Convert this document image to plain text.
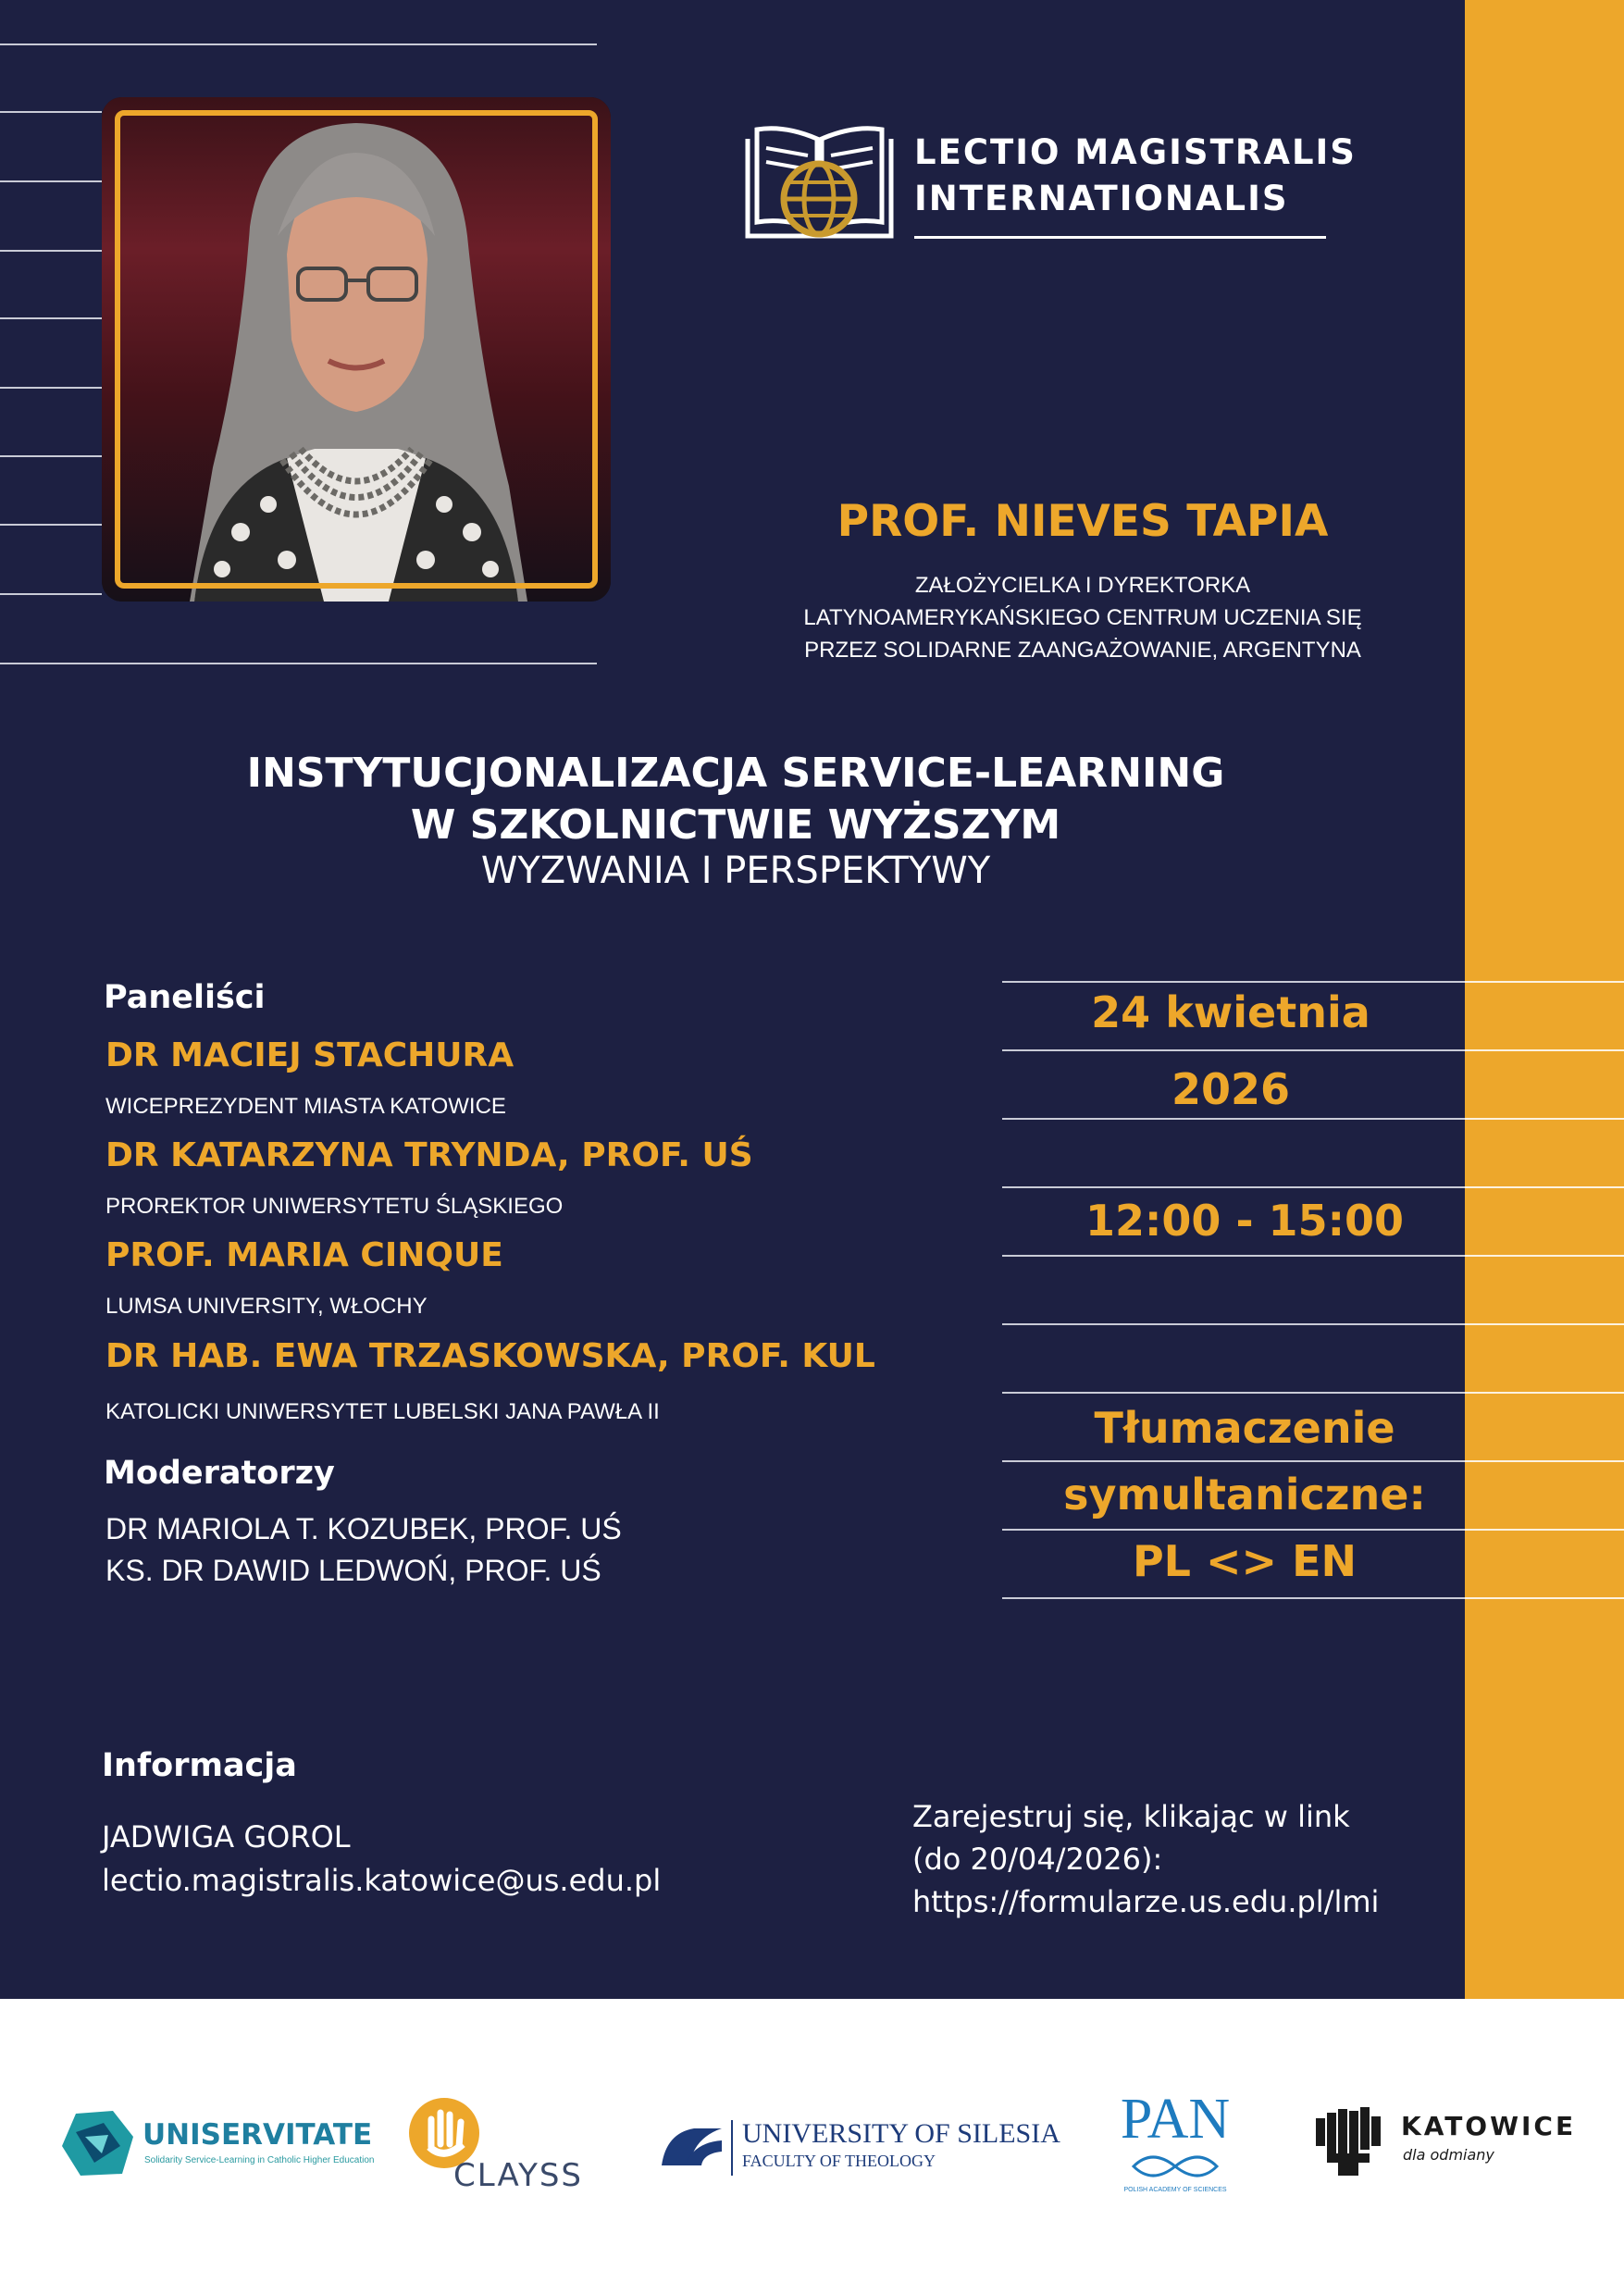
LECTIO MAGISTRALIS
INTERNATIONALIS
PROF. NIEVES TAPIA
ZAŁOŻYCIELKA I DYREKTORKA
LATYNOAMERYKAŃSKIEGO CENTRUM UCZENIA SIĘ
PRZEZ SOLIDARNE ZAANGAŻOWANIE, ARGENTYNA
INSTYTUCJONALIZACJA SERVICE-LEARNING
W SZKOLNICTWIE WYŻSZYM
WYZWANIA I PERSPEKTYWY
Paneliści
DR MACIEJ STACHURA
WICEPREZYDENT MIASTA KATOWICE
DR KATARZYNA TRYNDA, PROF. UŚ
PROREKTOR UNIWERSYTETU ŚLĄSKIEGO
PROF. MARIA CINQUE
LUMSA UNIVERSITY, WŁOCHY
DR HAB. EWA TRZASKOWSKA, PROF. KUL
KATOLICKI UNIWERSYTET LUBELSKI JANA PAWŁA II
Moderatorzy
DR MARIOLA T. KOZUBEK, PROF. UŚ
KS. DR DAWID LEDWOŃ, PROF. UŚ
24 kwietnia
2026
12:00 - 15:00
Tłumaczenie
symultaniczne:
PL <> EN
Informacja
JADWIGA GOROL
lectio.magistralis.katowice@us.edu.pl
Zarejestruj się, klikając w link
(do 20/04/2026):
https://formularze.us.edu.pl/lmi
UNISERVITATE
Solidarity Service-Learning in Catholic Higher Education	CLAYSS
UNIVERSITY OF SILESIA
FACULTY OF THEOLOGY
PAN
POLISH ACADEMY OF SCIENCES
KATOWICE
dla odmiany
